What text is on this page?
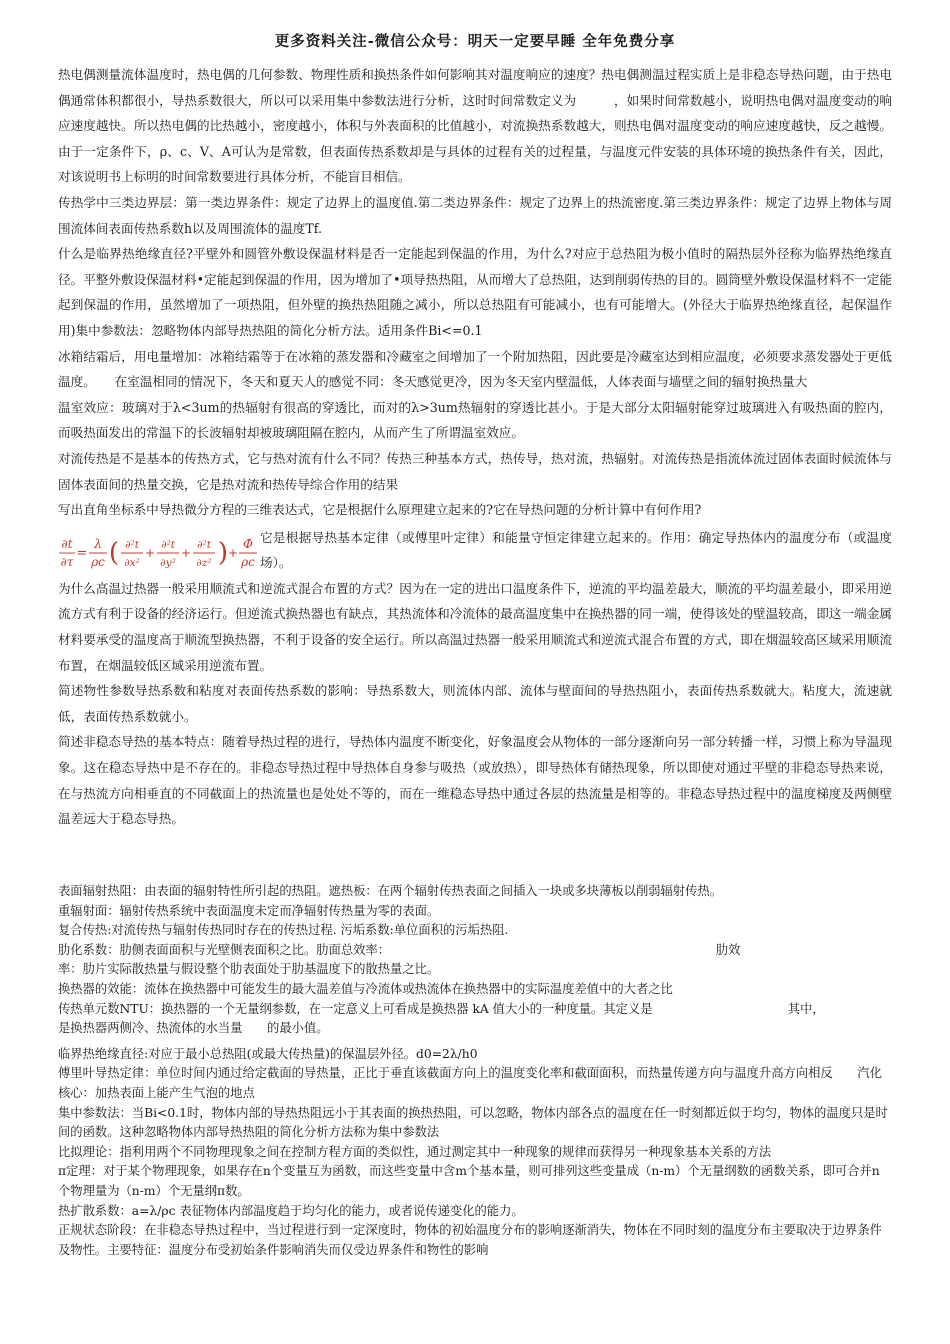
更多资料关注-微信公众号：明天一定要早睡 全年免费分享

热电偶测量流体温度时，热电偶的几何参数、物理性质和换热条件如何影响其对温度响应的速度？热电偶测温过程实质上是非稳态导热问题，由于热电偶通常体积都很小，导热系数很大，所以可以采用集中参数法进行分析，这时时间常数定义为　　　，如果时间常数越小，说明热电偶对温度变动的响应速度越快。所以热电偶的比热越小，密度越小，体积与外表面积的比值越小，对流换热系数越大，则热电偶对温度变动的响应速度越快，反之越慢。由于一定条件下，ρ、c、V、A可认为是常数，但表面传热系数却是与具体的过程有关的过程量，与温度元件安装的具体环境的换热条件有关，因此，对该说明书上标明的时间常数要进行具体分析，不能盲目相信。

传热学中三类边界层：第一类边界条件：规定了边界上的温度值.第二类边界条件：规定了边界上的热流密度.第三类边界条件：规定了边界上物体与周围流体间表面传热系数h以及周围流体的温度Tf.

什么是临界热绝缘直径?平壁外和圆管外敷设保温材料是否一定能起到保温的作用，为什么?对应于总热阻为极小值时的隔热层外径称为临界热绝缘直径。平整外敷设保温材料•定能起到保温的作用，因为增加了•项导热热阻，从而增大了总热阻，达到削弱传热的目的。圆筒壁外敷设保温材料不一定能起到保温的作用，虽然增加了一项热阻，但外壁的换热热阻随之减小，所以总热阻有可能减小，也有可能增大。(外径大于临界热绝缘直径，起保温作用)集中参数法：忽略物体内部导热热阻的简化分析方法。适用条件Bi<=0.1

冰箱结霜后，用电量增加：冰箱结霜等于在冰箱的蒸发器和冷藏室之间增加了一个附加热阻，因此要是冷藏室达到相应温度，必须要求蒸发器处于更低温度。　　在室温相同的情况下，冬天和夏天人的感觉不同：冬天感觉更冷，因为冬天室内壁温低，人体表面与墙壁之间的辐射换热量大

温室效应：玻璃对于λ<3um的热辐射有很高的穿透比，而对的λ>3um热辐射的穿透比甚小。于是大部分太阳辐射能穿过玻璃进入有吸热面的腔内，而吸热面发出的常温下的长波辐射却被玻璃阻隔在腔内，从而产生了所谓温室效应。

对流传热是不是基本的传热方式，它与热对流有什么不同？传热三种基本方式，热传导，热对流，热辐射。对流传热是指流体流过固体表面时候流体与固体表面间的热量交换，它是热对流和热传导综合作用的结果

写出直角坐标系中导热微分方程的三维表达式，它是根据什么原理建立起来的?它在导热问题的分析计算中有何作用?

∂t
∂τ
=
λ
ρc ( ∂²t
∂x²
+
∂²t
∂y²
+
∂²t
∂z² ) +
Φ̇
ρc
它是根据导热基本定律（或傅里叶定律）和能量守恒定律建立起来的。作用：确定导热体内的温度分布（或温度场）。

为什么高温过热器一般采用顺流式和逆流式混合布置的方式？因为在一定的进出口温度条件下，逆流的平均温差最大，顺流的平均温差最小，即采用逆流方式有利于设备的经济运行。但逆流式换热器也有缺点，其热流体和冷流体的最高温度集中在换热器的同一端，使得该处的壁温较高，即这一端金属材料要承受的温度高于顺流型换热器，不利于设备的安全运行。所以高温过热器一般采用顺流式和逆流式混合布置的方式，即在烟温较高区域采用顺流布置，在烟温较低区域采用逆流布置。

简述物性参数导热系数和粘度对表面传热系数的影响：导热系数大，则流体内部、流体与壁面间的导热热阻小，表面传热系数就大。粘度大，流速就低，表面传热系数就小。

简述非稳态导热的基本特点：随着导热过程的进行，导热体内温度不断变化，好象温度会从物体的一部分逐渐向另一部分转播一样，习惯上称为导温现象。这在稳态导热中是不存在的。非稳态导热过程中导热体自身参与吸热（或放热），即导热体有储热现象，所以即使对通过平壁的非稳态导热来说，在与热流方向相垂直的不同截面上的热流量也是处处不等的，而在一维稳态导热中通过各层的热流量是相等的。非稳态导热过程中的温度梯度及两侧壁温差远大于稳态导热。

表面辐射热阻：由表面的辐射特性所引起的热阻。遮热板：在两个辐射传热表面之间插入一块或多块薄板以削弱辐射传热。

重辐射面：辐射传热系统中表面温度未定而净辐射传热量为零的表面。

复合传热:对流传热与辐射传热同时存在的传热过程. 污垢系数:单位面积的污垢热阻.

肋化系数：肋侧表面面积与光壁侧表面积之比。肋面总效率：　　　　　　　　　　　　　　　　　　　　　　　　　　　肋效

率：肋片实际散热量与假设整个肋表面处于肋基温度下的散热量之比。

换热器的效能：流体在换热器中可能发生的最大温差值与冷流体或热流体在换热器中的实际温度差值中的大者之比

传热单元数NTU：换热器的一个无量纲参数，在一定意义上可看成是换热器 kA 值大小的一种度量。其定义是　　　　　　　　　　　其中，

是换热器两侧冷、热流体的水当量　　的最小值。

临界热绝缘直径:对应于最小总热阻(或最大传热量)的保温层外径。d0=2λ/h0

傅里叶导热定律：单位时间内通过给定截面的导热量，正比于垂直该截面方向上的温度变化率和截面面积，而热量传递方向与温度升高方向相反　　汽化核心：加热表面上能产生气泡的地点

集中参数法：当Bi<0.1时，物体内部的导热热阻远小于其表面的换热热阻，可以忽略，物体内部各点的温度在任一时刻都近似于均匀，物体的温度只是时间的函数。这种忽略物体内部导热热阻的简化分析方法称为集中参数法

比拟理论：指利用两个不同物理现象之间在控制方程方面的类似性，通过测定其中一种现象的规律而获得另一种现象基本关系的方法

π定理：对于某个物理现象，如果存在n个变量互为函数，而这些变量中含m个基本量，则可排列这些变量成（n-m）个无量纲数的函数关系，即可合并n个物理量为（n-m）个无量纲π数。

热扩散系数：a=λ/ρc 表征物体内部温度趋于均匀化的能力，或者说传递变化的能力。

正规状态阶段：在非稳态导热过程中，当过程进行到一定深度时，物体的初始温度分布的影响逐渐消失，物体在不同时刻的温度分布主要取决于边界条件及物性。主要特征：温度分布受初始条件影响消失而仅受边界条件和物性的影响
